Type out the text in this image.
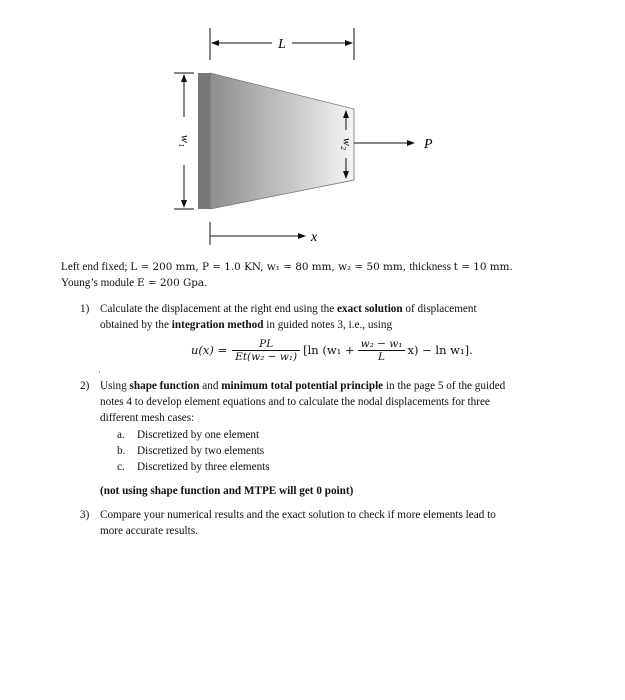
L
w₁	w₂	P
x
Left end fixed; L = 200 mm, P = 1.0 KN, w₁ = 80 mm, w₂ = 50 mm, thickness t = 10 mm.
Young’s module E = 200 Gpa.
1) Calculate the displacement at the right end using the exact solution of displacement
obtained by the integration method in guided notes 3, i.e., using
$u(x) = \frac{PL}{\text{Et(w₂ − w₁)}} [\ln$ $(w_1 + \frac{\text{w₂ − w₁}}{L} x) - \ln w_1$].
·
2) Using shape function and minimum total potential principle in the page 5 of the guided
notes 4 to develop element equations and to calculate the nodal displacements for three
different mesh cases:
a. Discretized by one element
b. Discretized by two elements
c. Discretized by three elements
(not using shape function and MTPE will get 0 point)
3) Compare your numerical results and the exact solution to check if more elements lead to
more accurate results.
